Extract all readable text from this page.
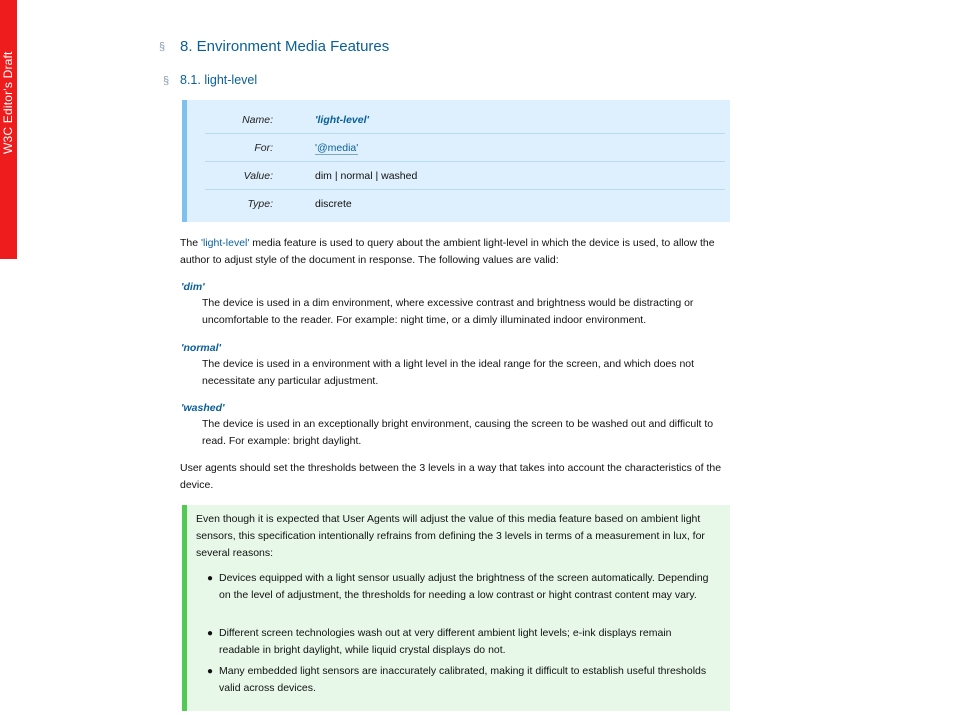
W3C Editor's Draft
§
§
8. Environment Media Features
8.1. light-level
Name:	'light-level'
For:	'@media'
Value:	dim | normal | washed
Type:	discrete
The 'light-level' media feature is used to query about the ambient light-level in which the device is used, to allow the author to adjust style of the document in response. The following values are valid:
'dim'
The device is used in a dim environment, where excessive contrast and brightness would be distracting or uncomfortable to the reader. For example: night time, or a dimly illuminated indoor environment.
'normal'
The device is used in a environment with a light level in the ideal range for the screen, and which does not necessitate any particular adjustment.
'washed'
The device is used in an exceptionally bright environment, causing the screen to be washed out and difficult to read. For example: bright daylight.
User agents should set the thresholds between the 3 levels in a way that takes into account the characteristics of the device.
Even though it is expected that User Agents will adjust the value of this media feature based on ambient light sensors, this specification intentionally refrains from defining the 3 levels in terms of a measurement in lux, for several reasons:
● Devices equipped with a light sensor usually adjust the brightness of the screen automatically. Depending on the level of adjustment, the thresholds for needing a low contrast or hight contrast content may vary.
● Different screen technologies wash out at very different ambient light levels; e-ink displays remain readable in bright daylight, while liquid crystal displays do not.
● Many embedded light sensors are inaccurately calibrated, making it difficult to establish useful thresholds valid across devices.
